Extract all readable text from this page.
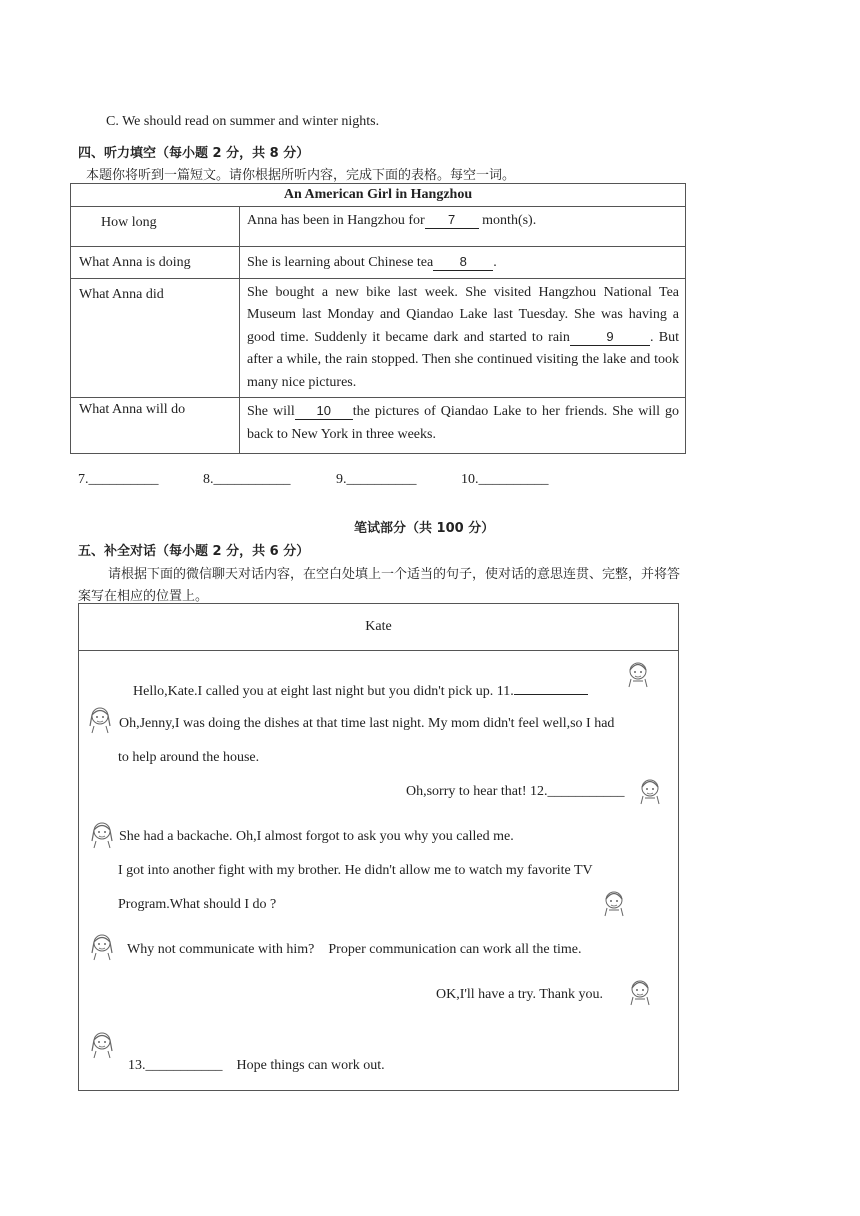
C. We should read on summer and winter nights.
四、听力填空（每小题 2 分，共 8 分）
本题你将听到一篇短文。请你根据所听内容，完成下面的表格。每空一词。
An American Girl in Hangzhou	
How long	Anna has been in Hangzhou for 7 month(s).
What Anna is doing	She is learning about Chinese tea 8 .
What Anna did	She bought a new bike last week. She visited Hangzhou National Tea Museum last Monday and Qiandao Lake last Tuesday. She was having a good time. Suddenly it became dark and started to rain 9 . But after a while, the rain stopped. Then she continued visiting the lake and took many nice pictures.
What Anna will do	She will 10 the pictures of Qiandao Lake to her friends. She will go back to New York in three weeks.
7.__________	8.___________	9.__________	10.__________
笔试部分（共 100 分）
五、补全对话（每小题 2 分，共 6 分）
请根据下面的微信聊天对话内容，在空白处填上一个适当的句子，使对话的意思连贯、完整，并将答
案写在相应的位置上。
Kate
Hello,Kate.I called you at eight last night but you didn't pick up. 11.
Oh,Jenny,I was doing the dishes at that time last night. My mom didn't feel well,so I had
to help around the house.
Oh,sorry to hear that! 12.___________
She had a backache. Oh,I almost forgot to ask you why you called me.
I got into another fight with my brother. He didn't allow me to watch my favorite TV
Program.What should I do ?
Why not communicate with him?    Proper communication can work all the time.
OK,I'll have a try. Thank you.
13.___________    Hope things can work out.
